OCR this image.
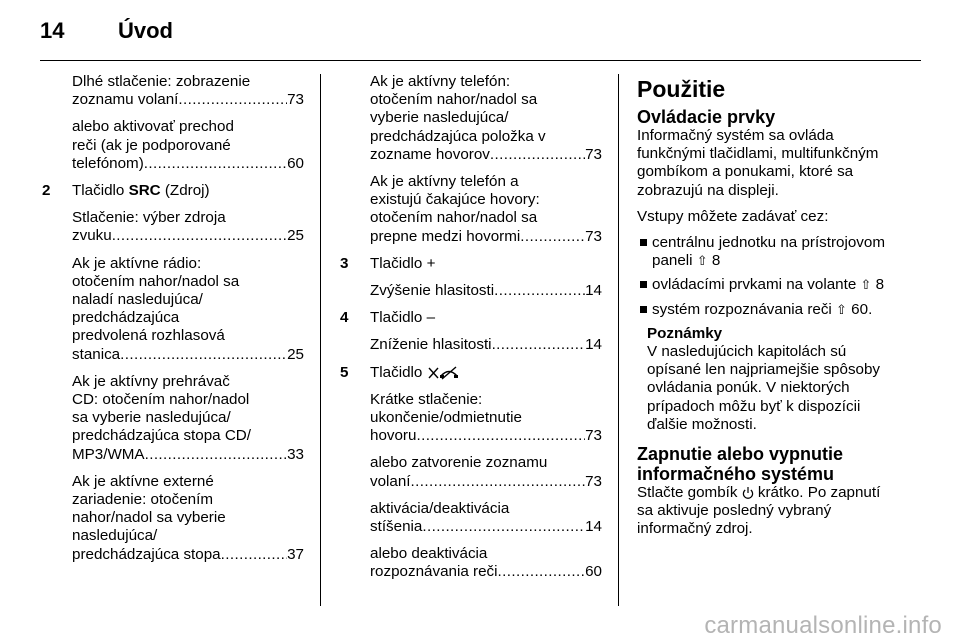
14 Úvod
Dlhé stlačenie: zobrazenie
zoznamu volaní .....	73
alebo aktivovať prechod
reči (ak je podporované
telefónom) .....	60
2 Tlačidlo SRC (Zdroj)
Stlačenie: výber zdroja
zvuku .....	25
Ak je aktívne rádio:
otočením nahor/nadol sa
naladí nasledujúca/
predchádzajúca
predvolená rozhlasová
stanica .....	25
Ak je aktívny prehrávač
CD: otočením nahor/nadol
sa vyberie nasledujúca/
predchádzajúca stopa CD/
MP3/WMA .....	33
Ak je aktívne externé
zariadenie: otočením
nahor/nadol sa vyberie
nasledujúca/
predchádzajúca stopa .....	37
Ak je aktívny telefón:
otočením nahor/nadol sa
vyberie nasledujúca/
predchádzajúca položka v
zozname hovorov .....	73
Ak je aktívny telefón a
existujú čakajúce hovory:
otočením nahor/nadol sa
prepne medzi hovormi .....	73
3 Tlačidlo +
Zvýšenie hlasitosti .....	14
4 Tlačidlo –
Zníženie hlasitosti .....	14
5 Tlačidlo
Krátke stlačenie:
ukončenie/odmietnutie
hovoru .....	73
alebo zatvorenie zoznamu
volaní .....	73
aktivácia/deaktivácia
stíšenia .....	14
alebo deaktivácia
rozpoznávania reči .....	60
Použitie
Ovládacie prvky
Informačný systém sa ovláda
funkčnými tlačidlami, multifunkčným
gombíkom a ponukami, ktoré sa
zobrazujú na displeji.
Vstupy môžete zadávať cez:
centrálnu jednotku na prístrojovom
paneli ⇧ 8
ovládacími prvkami na volante ⇧ 8
systém rozpoznávania reči ⇧ 60.
Poznámky
V nasledujúcich kapitolách sú
opísané len najpriamejšie spôsoby
ovládania ponúk. V niektorých
prípadoch môžu byť k dispozícii
ďalšie možnosti.
Zapnutie alebo vypnutie
informačného systému
Stlačte gombík  krátko. Po zapnutí
sa aktivuje posledný vybraný
informačný zdroj.
carmanualsonline.info
